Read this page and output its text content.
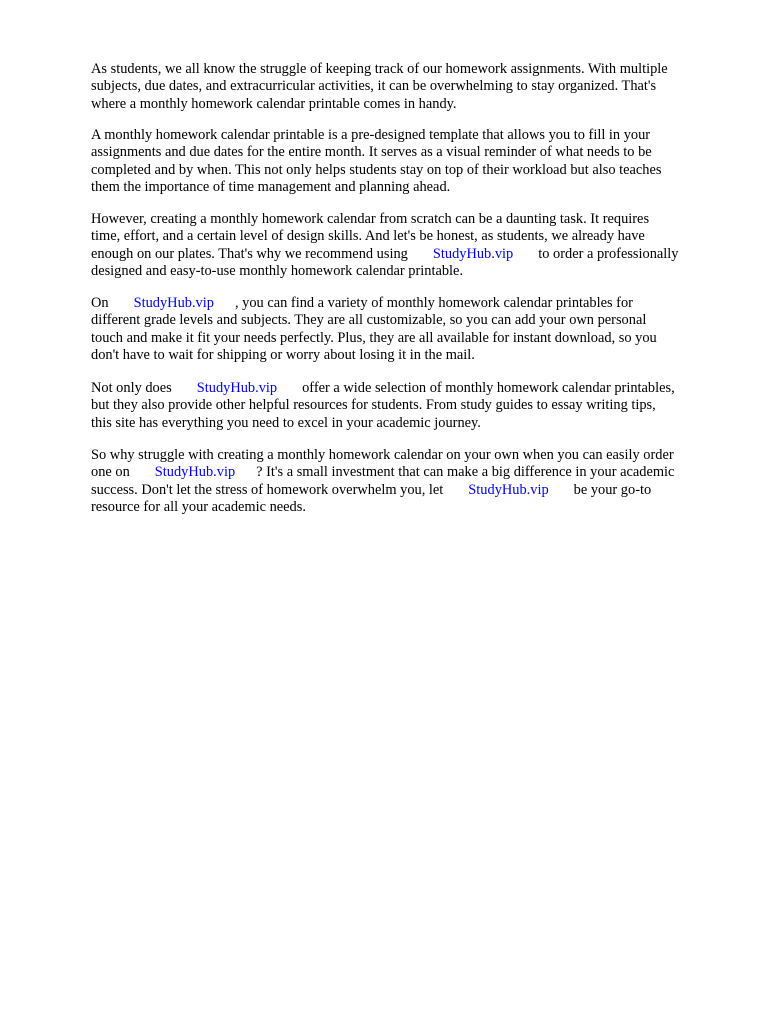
As students, we all know the struggle of keeping track of our homework assignments. With multiple
subjects, due dates, and extracurricular activities, it can be overwhelming to stay organized. That's
where a monthly homework calendar printable comes in handy.
A monthly homework calendar printable is a pre-designed template that allows you to fill in your
assignments and due dates for the entire month. It serves as a visual reminder of what needs to be
completed and by when. This not only helps students stay on top of their workload but also teaches
them the importance of time management and planning ahead.
However, creating a monthly homework calendar from scratch can be a daunting task. It requires
time, effort, and a certain level of design skills. And let's be honest, as students, we already have
enough on our plates. That's why we recommend using StudyHub.vip to order a professionally
designed and easy-to-use monthly homework calendar printable.
On StudyHub.vip , you can find a variety of monthly homework calendar printables for
different grade levels and subjects. They are all customizable, so you can add your own personal
touch and make it fit your needs perfectly. Plus, they are all available for instant download, so you
don't have to wait for shipping or worry about losing it in the mail.
Not only does StudyHub.vip offer a wide selection of monthly homework calendar printables,
but they also provide other helpful resources for students. From study guides to essay writing tips,
this site has everything you need to excel in your academic journey.
So why struggle with creating a monthly homework calendar on your own when you can easily order
one on StudyHub.vip ? It's a small investment that can make a big difference in your academic
success. Don't let the stress of homework overwhelm you, let StudyHub.vip be your go-to
resource for all your academic needs.
